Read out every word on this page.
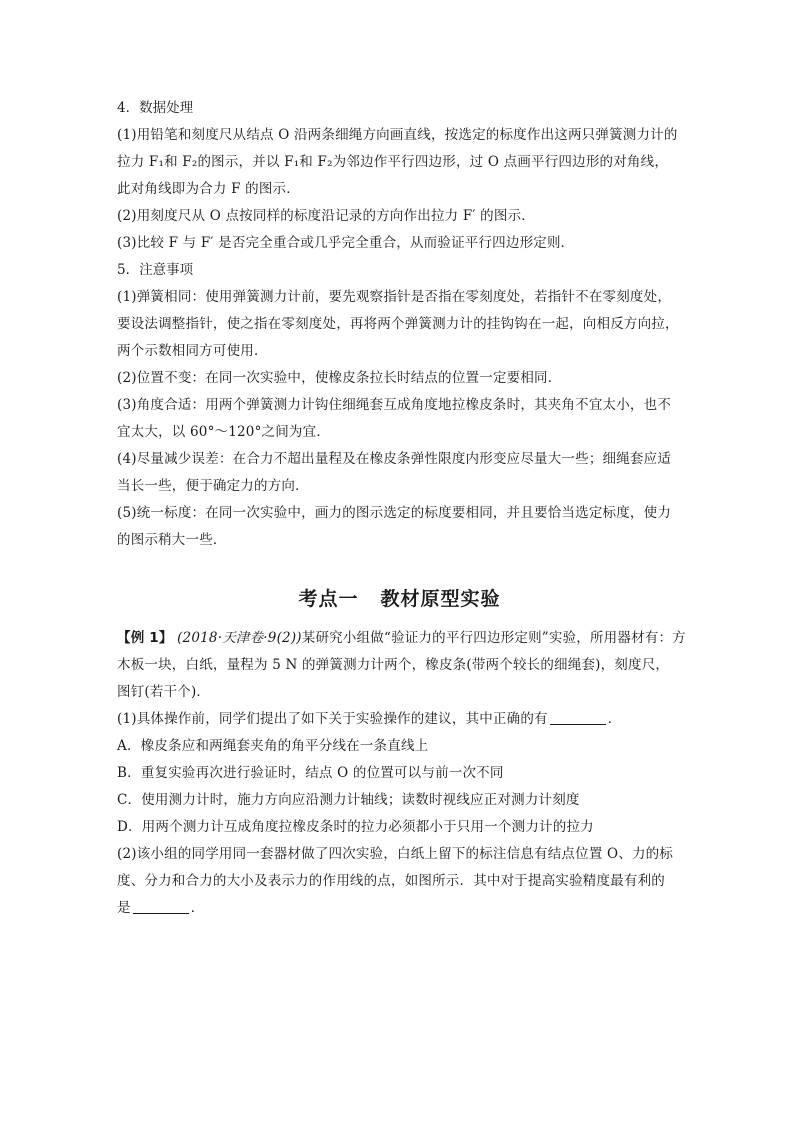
4．数据处理
(1)用铅笔和刻度尺从结点 O 沿两条细绳方向画直线，按选定的标度作出这两只弹簧测力计的
拉力 F₁和 F₂的图示，并以 F₁和 F₂为邻边作平行四边形，过 O 点画平行四边形的对角线，
此对角线即为合力 F 的图示．
(2)用刻度尺从 O 点按同样的标度沿记录的方向作出拉力 F′ 的图示．
(3)比较 F 与 F′ 是否完全重合或几乎完全重合，从而验证平行四边形定则．
5．注意事项
(1)弹簧相同：使用弹簧测力计前，要先观察指针是否指在零刻度处，若指针不在零刻度处，
要设法调整指针，使之指在零刻度处，再将两个弹簧测力计的挂钩钩在一起，向相反方向拉，
两个示数相同方可使用．
(2)位置不变：在同一次实验中，使橡皮条拉长时结点的位置一定要相同．
(3)角度合适：用两个弹簧测力计钩住细绳套互成角度地拉橡皮条时，其夹角不宜太小，也不
宜太大，以 60°～120°之间为宜．
(4)尽量减少误差：在合力不超出量程及在橡皮条弹性限度内形变应尽量大一些；细绳套应适
当长一些，便于确定力的方向．
(5)统一标度：在同一次实验中，画力的图示选定的标度要相同，并且要恰当选定标度，使力
的图示稍大一些．
考点一 教材原型实验
【例 1】 (2018·天津卷·9(2))某研究小组做“验证力的平行四边形定则”实验，所用器材有：方
木板一块，白纸，量程为 5 N 的弹簧测力计两个，橡皮条(带两个较长的细绳套)，刻度尺，
图钉(若干个)．
(1)具体操作前，同学们提出了如下关于实验操作的建议，其中正确的有	．
A．橡皮条应和两绳套夹角的角平分线在一条直线上
B．重复实验再次进行验证时，结点 O 的位置可以与前一次不同
C．使用测力计时，施力方向应沿测力计轴线；读数时视线应正对测力计刻度
D．用两个测力计互成角度拉橡皮条时的拉力必须都小于只用一个测力计的拉力
(2)该小组的同学用同一套器材做了四次实验，白纸上留下的标注信息有结点位置 O、力的标
度、分力和合力的大小及表示力的作用线的点，如图所示．其中对于提高实验精度最有利的
是	．
